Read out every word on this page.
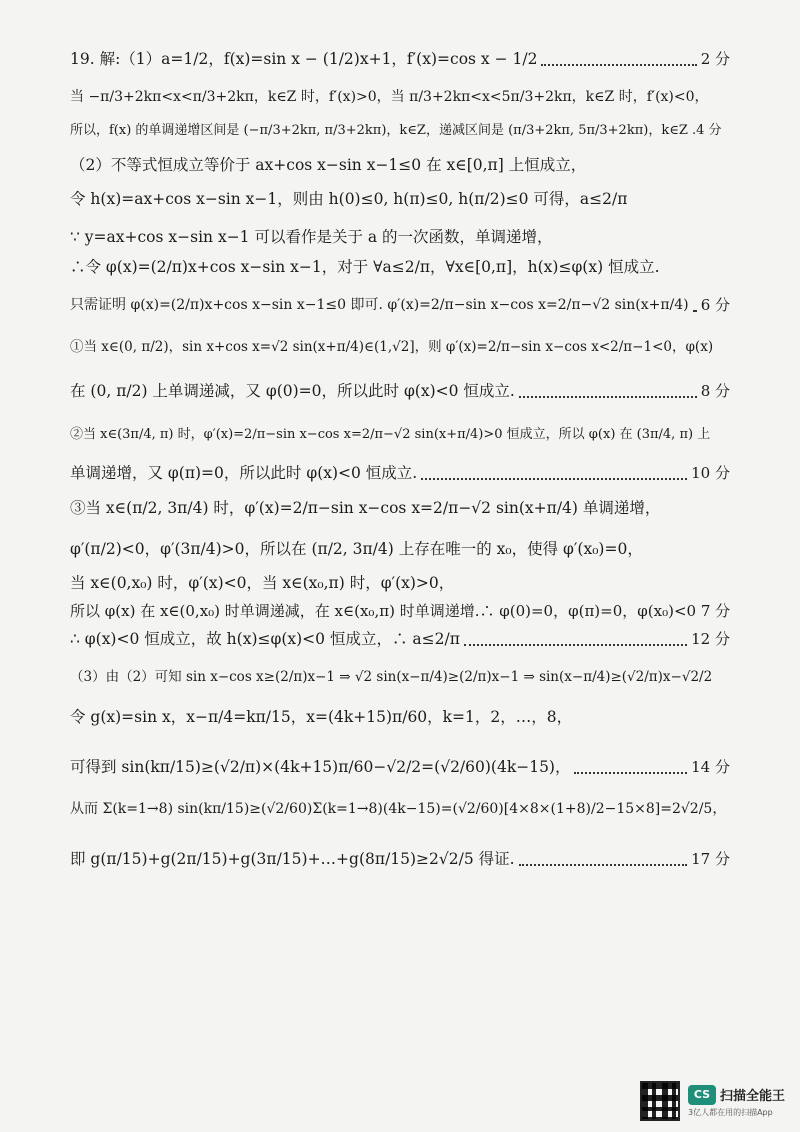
19. 解:（1）a=1/2，f(x)=sin x − (1/2)x+1，f′(x)=cos x − 1/2	2 分
当 −π/3+2kπ<x<π/3+2kπ，k∈Z 时，f′(x)>0，当 π/3+2kπ<x<5π/3+2kπ，k∈Z 时，f′(x)<0，
所以，f(x) 的单调递增区间是 (−π/3+2kπ, π/3+2kπ)，k∈Z，递减区间是 (π/3+2kπ, 5π/3+2kπ)，k∈Z .4 分
（2）不等式恒成立等价于 ax+cos x−sin x−1≤0 在 x∈[0,π] 上恒成立，
令 h(x)=ax+cos x−sin x−1，则由 h(0)≤0, h(π)≤0, h(π/2)≤0 可得，a≤2/π
∵ y=ax+cos x−sin x−1 可以看作是关于 a 的一次函数，单调递增，
∴令 φ(x)=(2/π)x+cos x−sin x−1，对于 ∀a≤2/π，∀x∈[0,π]，h(x)≤φ(x) 恒成立.
只需证明 φ(x)=(2/π)x+cos x−sin x−1≤0 即可. φ′(x)=2/π−sin x−cos x=2/π−√2 sin(x+π/4) 6 分
①当 x∈(0, π/2)，sin x+cos x=√2 sin(x+π/4)∈(1,√2]，则 φ′(x)=2/π−sin x−cos x<2/π−1<0，φ(x)
在 (0, π/2) 上单调递减，又 φ(0)=0，所以此时 φ(x)<0 恒成立.	8 分
②当 x∈(3π/4, π) 时，φ′(x)=2/π−sin x−cos x=2/π−√2 sin(x+π/4)>0 恒成立，所以 φ(x) 在 (3π/4, π) 上
单调递增，又 φ(π)=0，所以此时 φ(x)<0 恒成立.	10 分
③当 x∈(π/2, 3π/4) 时，φ′(x)=2/π−sin x−cos x=2/π−√2 sin(x+π/4) 单调递增，
φ′(π/2)<0，φ′(3π/4)>0，所以在 (π/2, 3π/4) 上存在唯一的 x₀，使得 φ′(x₀)=0，
当 x∈(0,x₀) 时，φ′(x)<0，当 x∈(x₀,π) 时，φ′(x)>0，
所以 φ(x) 在 x∈(0,x₀) 时单调递减，在 x∈(x₀,π) 时单调递增.∴ φ(0)=0，φ(π)=0，φ(x₀)<0 7 分
∴ φ(x)<0 恒成立，故 h(x)≤φ(x)<0 恒成立，∴ a≤2/π	12 分
（3）由（2）可知 sin x−cos x≥(2/π)x−1 ⇒ √2 sin(x−π/4)≥(2/π)x−1 ⇒ sin(x−π/4)≥(√2/π)x−√2/2
令 g(x)=sin x，x−π/4=kπ/15，x=(4k+15)π/60，k=1，2，…，8，
可得到 sin(kπ/15)≥(√2/π)×(4k+15)π/60−√2/2=(√2/60)(4k−15)，	14 分
从而 Σ(k=1→8) sin(kπ/15)≥(√2/60)Σ(k=1→8)(4k−15)=(√2/60)[4×8×(1+8)/2−15×8]=2√2/5，
即 g(π/15)+g(2π/15)+g(3π/15)+…+g(8π/15)≥2√2/5 得证.	17 分
CS 扫描全能王
3亿人都在用的扫描App
